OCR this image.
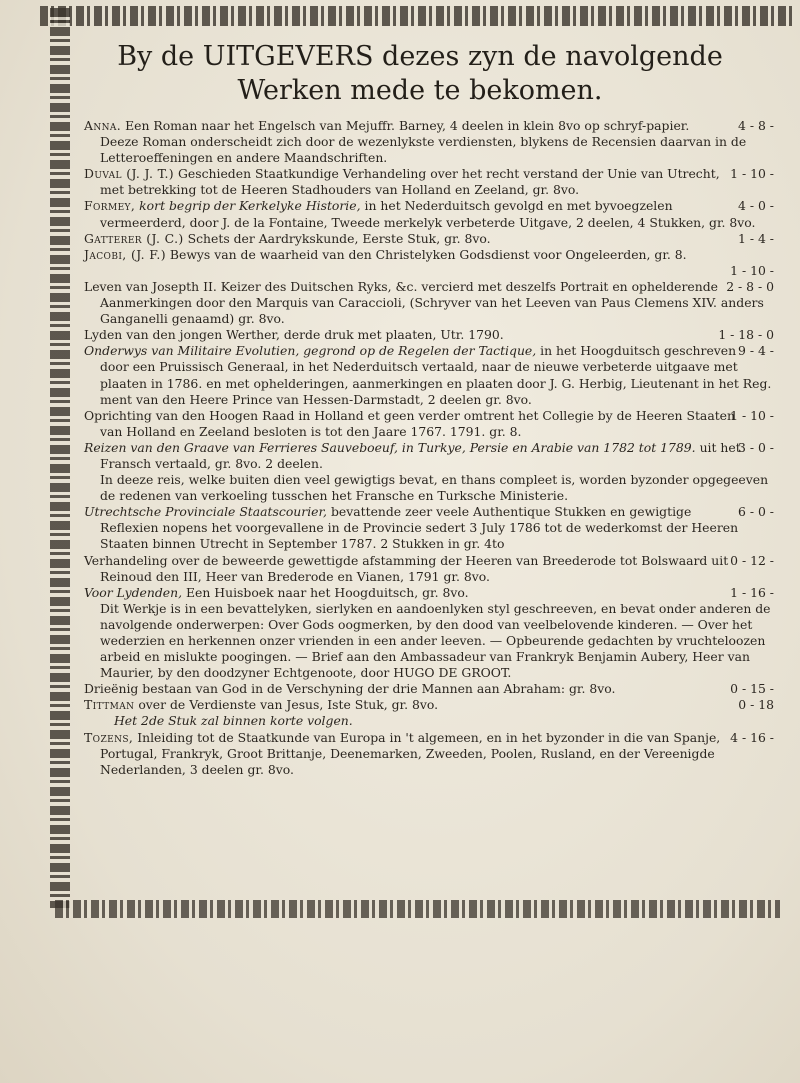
By de UITGEVERS dezes zyn de navolgende
Werken mede te bekomen.

4 - 8 -
Anna. Een Roman naar het Engelsch van Mejuffr. Barney, 4 deelen in klein 8vo op schryf-papier.

Deeze Roman onderscheidt zich door de wezenlykste verdiensten, blykens de Recensien daarvan in de Letteroeffeningen en andere Maandschriften.

1 - 10 -
Duval (J. J. T.) Geschieden Staatkundige Verhandeling over het recht verstand der Unie van Utrecht, met betrekking tot de Heeren Stadhouders van Holland en Zeeland, gr. 8vo.

4 - 0 -
Formey, kort begrip der Kerkelyke Historie, in het Nederduitsch gevolgd en met byvoegzelen vermeerderd, door J. de la Fontaine, Tweede merkelyk verbeterde Uitgave, 2 deelen, 4 Stukken, gr. 8vo.

1 - 4 -
Gatterer (J. C.) Schets der Aardrykskunde, Eerste Stuk, gr. 8vo.

Jacobi, (J. F.) Bewys van de waarheid van den Christelyken Godsdienst voor Ongeleerden, gr. 8.

1 - 10 -

2 - 8 - 0
Leven van Josepth II. Keizer des Duitschen Ryks, &c. vercierd met deszelfs Portrait en ophelderende Aanmerkingen door den Marquis van Caraccioli, (Schryver van het Leeven van Paus Clemens XIV. anders Ganganelli genaamd) gr. 8vo.

1 - 18 - 0
Lyden van den jongen Werther, derde druk met plaaten, Utr. 1790.

9 - 4 -
Onderwys van Militaire Evolutien, gegrond op de Regelen der Tactique, in het Hoogduitsch geschreven door een Pruissisch Generaal, in het Nederduitsch vertaald, naar de nieuwe verbeterde uitgaave met plaaten in 1786. en met ophelderingen, aanmerkingen en plaaten door J. G. Herbig, Lieutenant in het Reg. ment van den Heere Prince van Hessen-Darmstadt, 2 deelen gr. 8vo.

1 - 10 -
Oprichting van den Hoogen Raad in Holland et geen verder omtrent het Collegie by de Heeren Staaten van Holland en Zeeland besloten is tot den Jaare 1767. 1791. gr. 8.

3 - 0 -
Reizen van den Graave van Ferrieres Sauveboeuf, in Turkye, Persie en Arabie van 1782 tot 1789. uit het Fransch vertaald, gr. 8vo. 2 deelen.

In deeze reis, welke buiten dien veel gewigtigs bevat, en thans compleet is, worden byzonder opgegeeven de redenen van verkoeling tusschen het Fransche en Turksche Ministerie.

6 - 0 -
Utrechtsche Provinciale Staatscourier, bevattende zeer veele Authentique Stukken en gewigtige Reflexien nopens het voorgevallene in de Provincie sedert 3 July 1786 tot de wederkomst der Heeren Staaten binnen Utrecht in September 1787. 2 Stukken in gr. 4to

0 - 12 -
Verhandeling over de beweerde gewettigde afstamming der Heeren van Breederode tot Bolswaard uit Reinoud den III, Heer van Brederode en Vianen, 1791 gr. 8vo.

1 - 16 -
Voor Lydenden, Een Huisboek naar het Hoogduitsch, gr. 8vo.

Dit Werkje is in een bevattelyken, sierlyken en aandoenlyken styl geschreeven, en bevat onder anderen de navolgende onderwerpen: Over Gods oogmerken, by den dood van veelbelovende kinderen. — Over het wederzien en herkennen onzer vrienden in een ander leeven. — Opbeurende gedachten by vruchteloozen arbeid en mislukte poogingen. — Brief aan den Ambassadeur van Frankryk Benjamin Aubery, Heer van Maurier, by den doodzyner Echtgenoote, door HUGO DE GROOT.

0 - 15 -
Drieënig bestaan van God in de Verschyning der drie Mannen aan Abraham: gr. 8vo.

0 - 18
Tittman over de Verdienste van Jesus, Iste Stuk, gr. 8vo.

Het 2de Stuk zal binnen korte volgen.

4 - 16 -
Tozens, Inleiding tot de Staatkunde van Europa in 't algemeen, en in het byzonder in die van Spanje, Portugal, Frankryk, Groot Brittanje, Deenemarken, Zweeden, Poolen, Rusland, en der Vereenigde Nederlanden, 3 deelen gr. 8vo.
